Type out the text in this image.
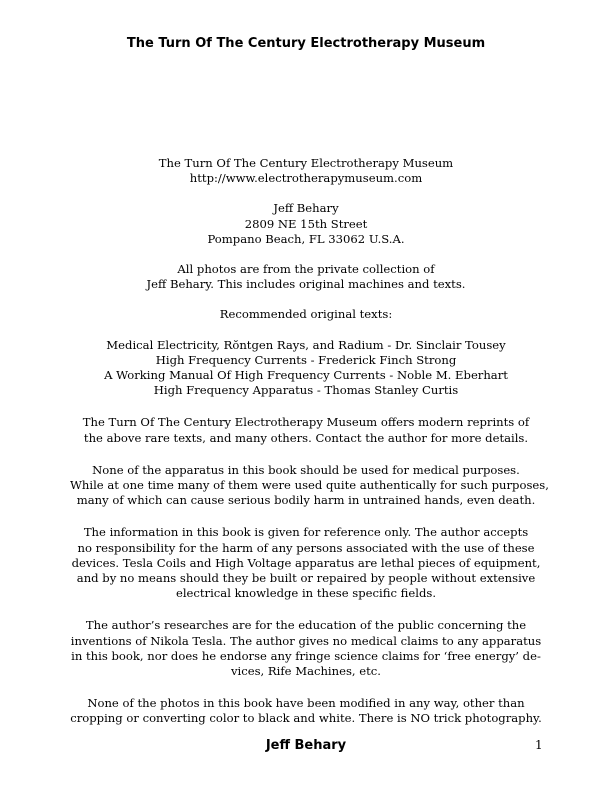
The Turn Of The Century Electrotherapy Museum
The Turn Of The Century Electrotherapy Museum
http://www.electrotherapymuseum.com
Jeff Behary
2809 NE 15th Street
Pompano Beach, FL 33062 U.S.A.
All photos are from the private collection of
Jeff Behary. This includes original machines and texts.
Recommended original texts:
Medical Electricity, Rŏntgen Rays, and Radium - Dr. Sinclair Tousey
High Frequency Currents - Frederick Finch Strong
A Working Manual Of High Frequency Currents - Noble M. Eberhart
High Frequency Apparatus - Thomas Stanley Curtis
The Turn Of The Century Electrotherapy Museum offers modern reprints of
the above rare texts, and many others. Contact the author for more details.
None of the apparatus in this book should be used for medical purposes.
While at one time many of them were used quite authentically for such purposes,
many of which can cause serious bodily harm in untrained hands, even death.
The information in this book is given for reference only. The author accepts
no responsibility for the harm of any persons associated with the use of these
devices. Tesla Coils and High Voltage apparatus are lethal pieces of equipment,
and by no means should they be built or repaired by people without extensive
electrical knowledge in these specific fields.
The author’s researches are for the education of the public concerning the
inventions of Nikola Tesla. The author gives no medical claims to any apparatus
in this book, nor does he endorse any fringe science claims for ‘free energy’ de-
vices, Rife Machines, etc.
None of the photos in this book have been modified in any way, other than
cropping or converting color to black and white. There is NO trick photography.
Jeff Behary	1
